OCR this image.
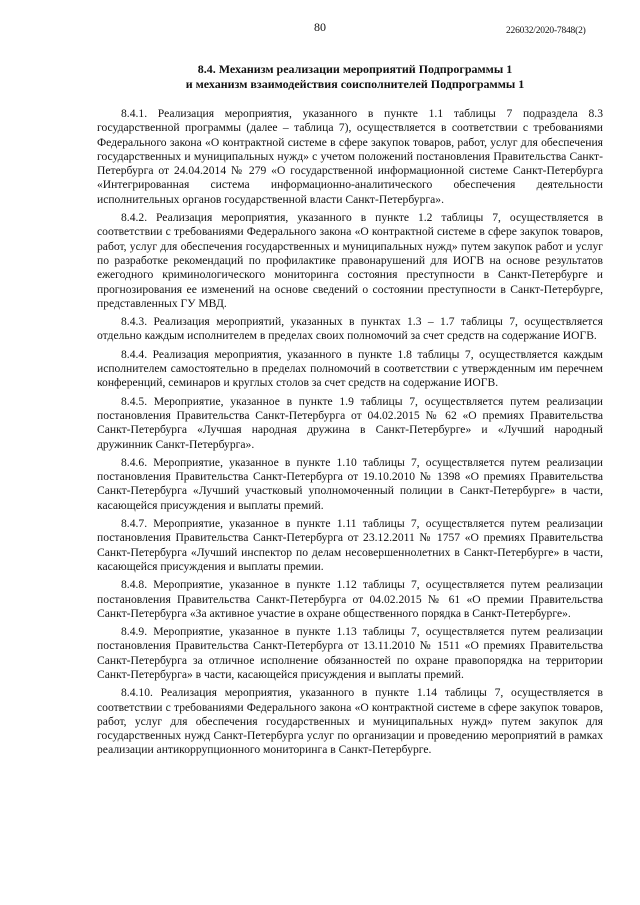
80	226032/2020-7848(2)
8.4. Механизм реализации мероприятий Подпрограммы 1
и механизм взаимодействия соисполнителей Подпрограммы 1

8.4.1. Реализация мероприятия, указанного в пункте 1.1 таблицы 7 подраздела 8.3 государственной программы (далее – таблица 7), осуществляется в соответствии с требованиями Федерального закона «О контрактной системе в сфере закупок товаров, работ, услуг для обеспечения государственных и муниципальных нужд» с учетом положений постановления Правительства Санкт-Петербурга от 24.04.2014 № 279 «О государственной информационной системе Санкт-Петербурга «Интегрированная система информационно-аналитического обеспечения деятельности исполнительных органов государственной власти Санкт-Петербурга».

8.4.2. Реализация мероприятия, указанного в пункте 1.2 таблицы 7, осуществляется в соответствии с требованиями Федерального закона «О контрактной системе в сфере закупок товаров, работ, услуг для обеспечения государственных и муниципальных нужд» путем закупок работ и услуг по разработке рекомендаций по профилактике правонарушений для ИОГВ на основе результатов ежегодного криминологического мониторинга состояния преступности в Санкт-Петербурге и прогнозирования ее изменений на основе сведений о состоянии преступности в Санкт-Петербурге, представленных ГУ МВД.

8.4.3. Реализация мероприятий, указанных в пунктах 1.3 – 1.7 таблицы 7, осуществляется отдельно каждым исполнителем в пределах своих полномочий за счет средств на содержание ИОГВ.

8.4.4. Реализация мероприятия, указанного в пункте 1.8 таблицы 7, осуществляется каждым исполнителем самостоятельно в пределах полномочий в соответствии с утвержденным им перечнем конференций, семинаров и круглых столов за счет средств на содержание ИОГВ.

8.4.5. Мероприятие, указанное в пункте 1.9 таблицы 7, осуществляется путем реализации постановления Правительства Санкт-Петербурга от 04.02.2015 № 62 «О премиях Правительства Санкт-Петербурга «Лучшая народная дружина в Санкт-Петербурге» и «Лучший народный дружинник Санкт-Петербурга».

8.4.6. Мероприятие, указанное в пункте 1.10 таблицы 7, осуществляется путем реализации постановления Правительства Санкт-Петербурга от 19.10.2010 № 1398 «О премиях Правительства Санкт-Петербурга «Лучший участковый уполномоченный полиции в Санкт-Петербурге» в части, касающейся присуждения и выплаты премий.

8.4.7. Мероприятие, указанное в пункте 1.11 таблицы 7, осуществляется путем реализации постановления Правительства Санкт-Петербурга от 23.12.2011 № 1757 «О премиях Правительства Санкт-Петербурга «Лучший инспектор по делам несовершеннолетних в Санкт-Петербурге» в части, касающейся присуждения и выплаты премии.

8.4.8. Мероприятие, указанное в пункте 1.12 таблицы 7, осуществляется путем реализации постановления Правительства Санкт-Петербурга от 04.02.2015 № 61 «О премии Правительства Санкт-Петербурга «За активное участие в охране общественного порядка в Санкт-Петербурге».

8.4.9. Мероприятие, указанное в пункте 1.13 таблицы 7, осуществляется путем реализации постановления Правительства Санкт-Петербурга от 13.11.2010 № 1511 «О премиях Правительства Санкт-Петербурга за отличное исполнение обязанностей по охране правопорядка на территории Санкт-Петербурга» в части, касающейся присуждения и выплаты премий.

8.4.10. Реализация мероприятия, указанного в пункте 1.14 таблицы 7, осуществляется в соответствии с требованиями Федерального закона «О контрактной системе в сфере закупок товаров, работ, услуг для обеспечения государственных и муниципальных нужд» путем закупок для государственных нужд Санкт-Петербурга услуг по организации и проведению мероприятий в рамках реализации антикоррупционного мониторинга в Санкт-Петербурге.
